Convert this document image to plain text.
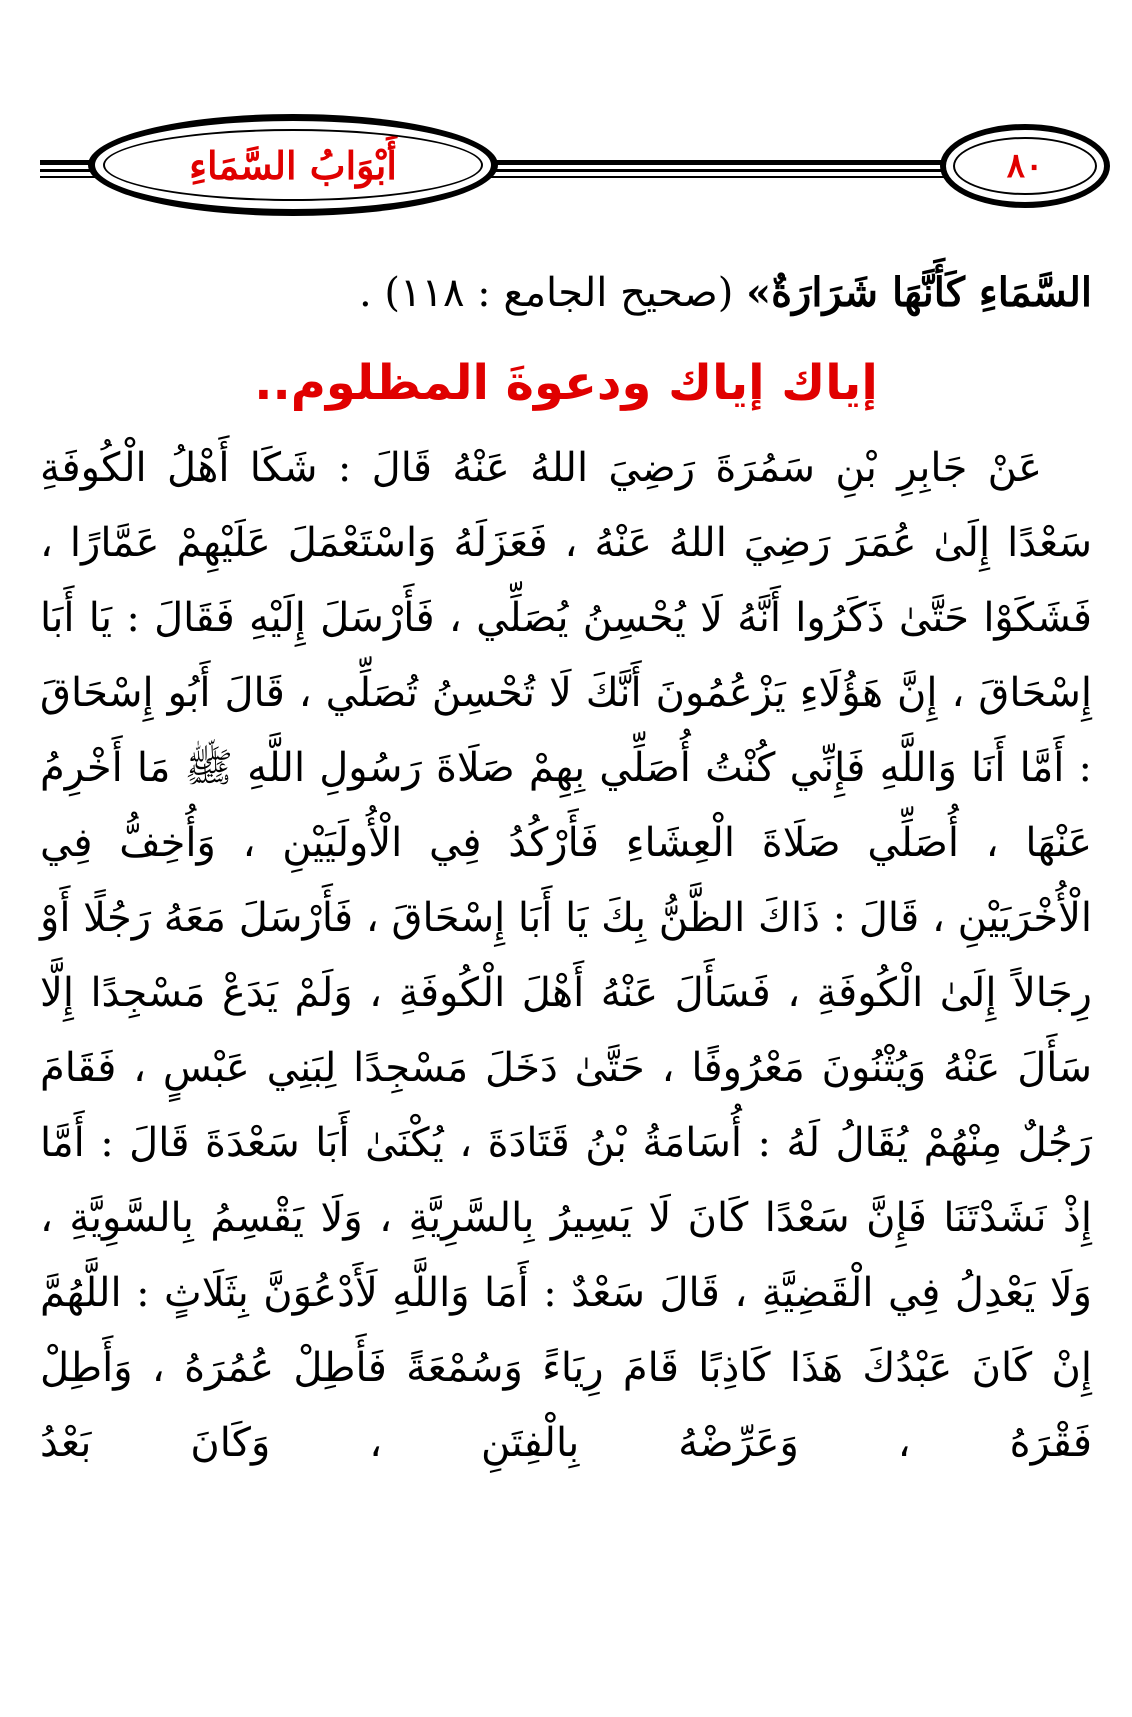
أَبْوَابُ السَّمَاءِ	٨٠

السَّمَاءِ كَأَنَّهَا شَرَارَةٌ» (صحيح الجامع : ١١٨) .

إياك إياك ودعوةَ المظلوم..

عَنْ جَابِرِ بْنِ سَمُرَةَ رَضِيَ اللهُ عَنْهُ قَالَ : شَكَا أَهْلُ الْكُوفَةِ سَعْدًا إِلَىٰ عُمَرَ رَضِيَ اللهُ عَنْهُ ، فَعَزَلَهُ وَاسْتَعْمَلَ عَلَيْهِمْ عَمَّارًا ، فَشَكَوْا حَتَّىٰ ذَكَرُوا أَنَّهُ لَا يُحْسِنُ يُصَلِّي ، فَأَرْسَلَ إِلَيْهِ فَقَالَ : يَا أَبَا إِسْحَاقَ ، إِنَّ هَؤُلَاءِ يَزْعُمُونَ أَنَّكَ لَا تُحْسِنُ تُصَلِّي ، قَالَ أَبُو إِسْحَاقَ : أَمَّا أَنَا وَاللَّهِ فَإِنِّي كُنْتُ أُصَلِّي بِهِمْ صَلَاةَ رَسُولِ اللَّهِ ﷺ مَا أَخْرِمُ عَنْهَا ، أُصَلِّي صَلَاةَ الْعِشَاءِ فَأَرْكُدُ فِي الْأُولَيَيْنِ ، وَأُخِفُّ فِي الْأُخْرَيَيْنِ ، قَالَ : ذَاكَ الظَّنُّ بِكَ يَا أَبَا إِسْحَاقَ ، فَأَرْسَلَ مَعَهُ رَجُلًا أَوْ رِجَالاً إِلَىٰ الْكُوفَةِ ، فَسَأَلَ عَنْهُ أَهْلَ الْكُوفَةِ ، وَلَمْ يَدَعْ مَسْجِدًا إِلَّا سَأَلَ عَنْهُ وَيُثْنُونَ مَعْرُوفًا ، حَتَّىٰ دَخَلَ مَسْجِدًا لِبَنِي عَبْسٍ ، فَقَامَ رَجُلٌ مِنْهُمْ يُقَالُ لَهُ : أُسَامَةُ بْنُ قَتَادَةَ ، يُكْنَىٰ أَبَا سَعْدَةَ قَالَ : أَمَّا إِذْ نَشَدْتَنَا فَإِنَّ سَعْدًا كَانَ لَا يَسِيرُ بِالسَّرِيَّةِ ، وَلَا يَقْسِمُ بِالسَّوِيَّةِ ، وَلَا يَعْدِلُ فِي الْقَضِيَّةِ ، قَالَ سَعْدٌ : أَمَا وَاللَّهِ لَأَدْعُوَنَّ بِثَلَاثٍ : اللَّهُمَّ إِنْ كَانَ عَبْدُكَ هَذَا كَاذِبًا قَامَ رِيَاءً وَسُمْعَةً فَأَطِلْ عُمُرَهُ ، وَأَطِلْ فَقْرَهُ ، وَعَرِّضْهُ بِالْفِتَنِ ، وَكَانَ بَعْدُ
